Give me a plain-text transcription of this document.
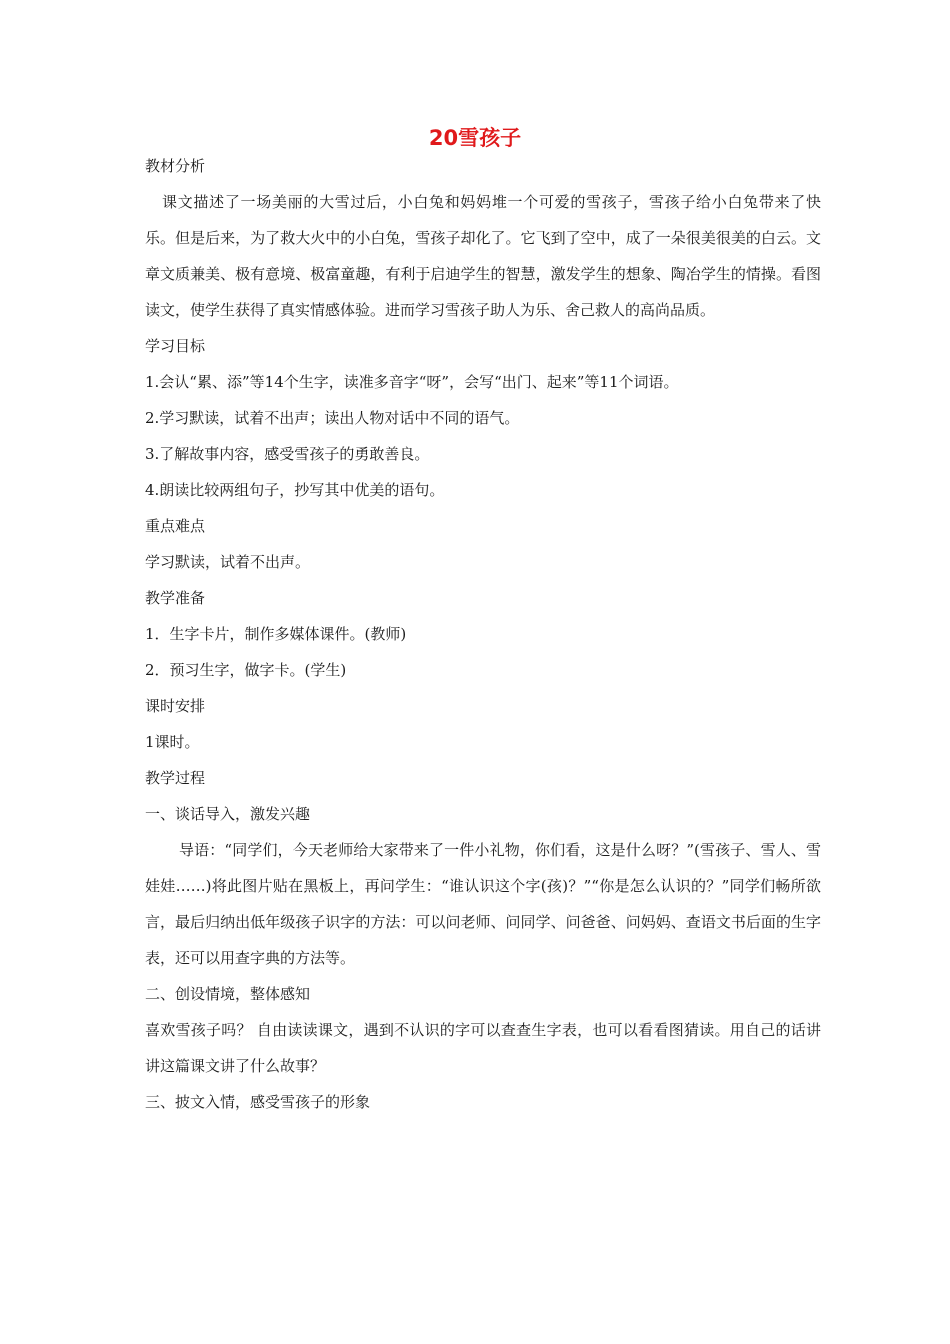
20雪孩子

教材分析

课文描述了一场美丽的大雪过后，小白兔和妈妈堆一个可爱的雪孩子，雪孩子给小白兔带来了快乐。但是后来，为了救大火中的小白兔，雪孩子却化了。它飞到了空中，成了一朵很美很美的白云。文章文质兼美、极有意境、极富童趣，有利于启迪学生的智慧，激发学生的想象、陶冶学生的情操。看图读文，使学生获得了真实情感体验。进而学习雪孩子助人为乐、舍己救人的高尚品质。

学习目标

1.会认“累、添”等14个生字，读准多音字“呀”，会写“出门、起来”等11个词语。

2.学习默读，试着不出声；读出人物对话中不同的语气。

3.了解故事内容，感受雪孩子的勇敢善良。

4.朗读比较两组句子，抄写其中优美的语句。

重点难点

学习默读，试着不出声。

教学准备

1．生字卡片，制作多媒体课件。(教师)

2．预习生字，做字卡。(学生)

课时安排

1课时。

教学过程

一、谈话导入，激发兴趣

导语：“同学们，今天老师给大家带来了一件小礼物，你们看，这是什么呀？”(雪孩子、雪人、雪娃娃……)将此图片贴在黑板上，再问学生：“谁认识这个字(孩)？”“你是怎么认识的？”同学们畅所欲言，最后归纳出低年级孩子识字的方法：可以问老师、问同学、问爸爸、问妈妈、查语文书后面的生字表，还可以用查字典的方法等。

二、创设情境，整体感知

喜欢雪孩子吗？ 自由读读课文，遇到不认识的字可以查查生字表，也可以看看图猜读。用自己的话讲讲这篇课文讲了什么故事？

三、披文入情，感受雪孩子的形象
